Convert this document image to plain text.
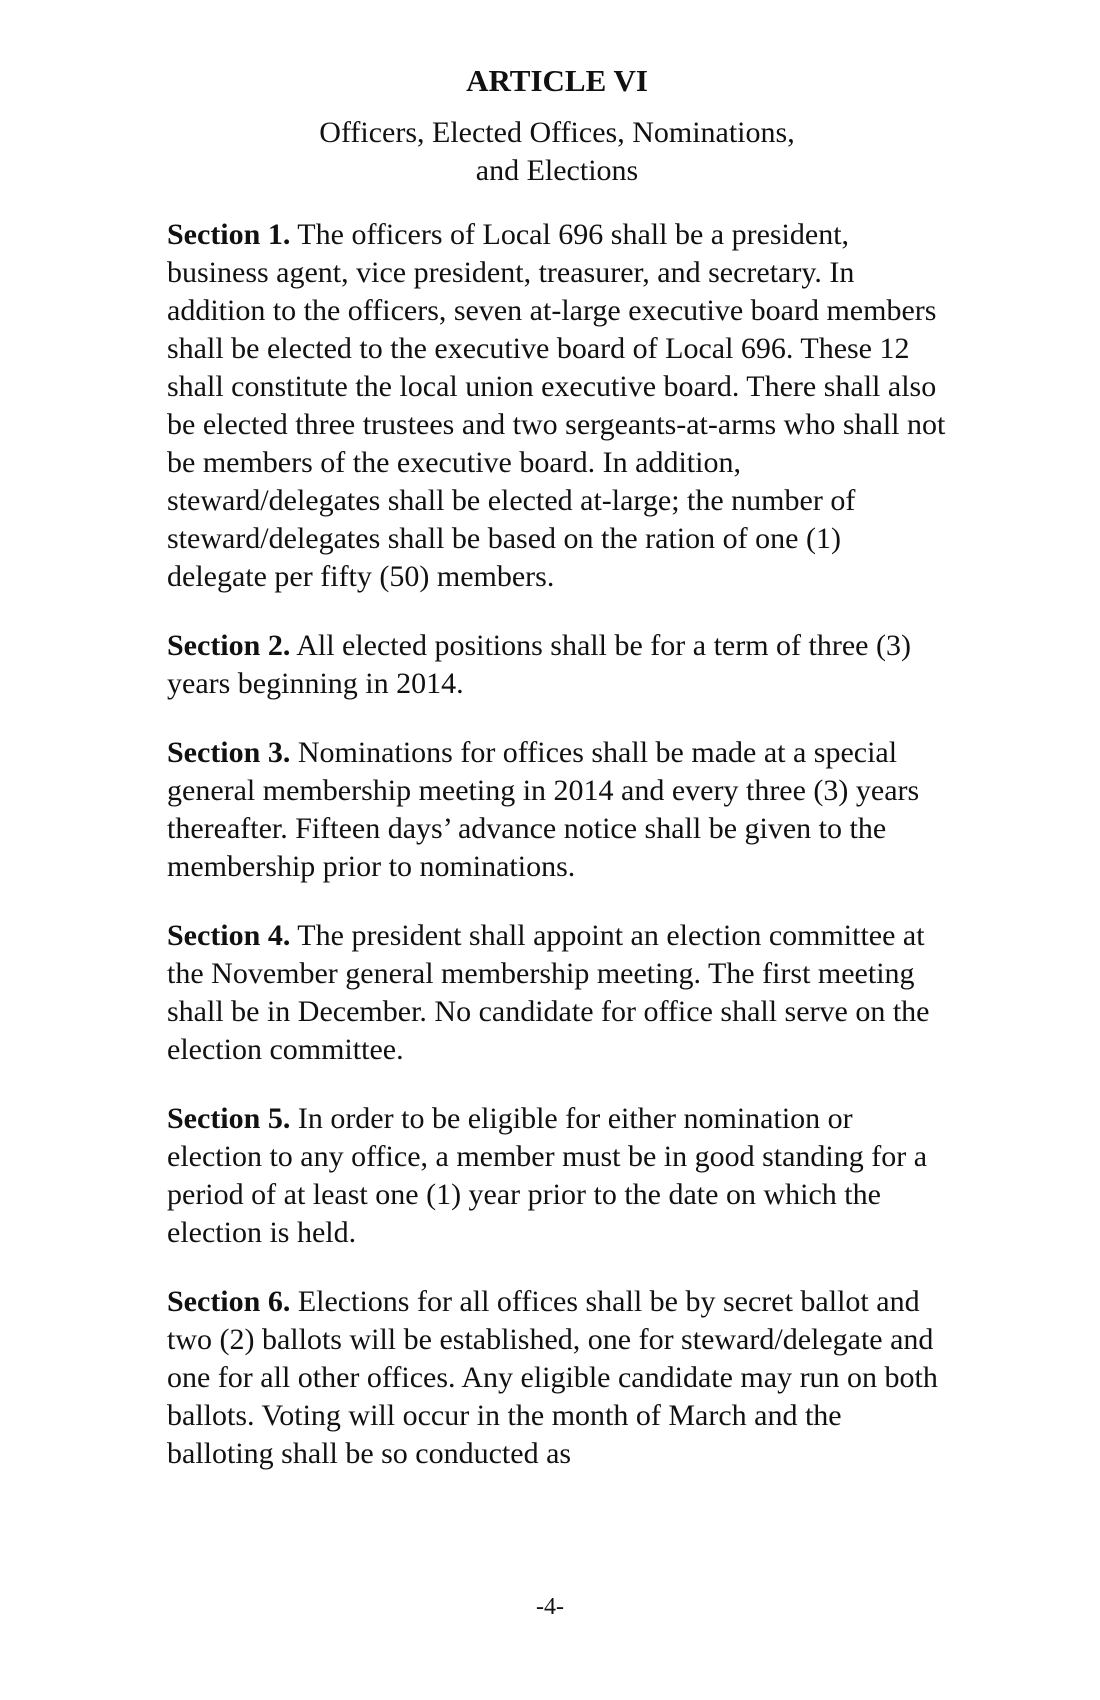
ARTICLE VI
Officers, Elected Offices, Nominations,
and Elections

Section 1. The officers of Local 696 shall be a president, business agent, vice president, treasurer, and secretary. In addition to the officers, seven at-large executive board members shall be elected to the executive board of Local 696. These 12 shall constitute the local union executive board. There shall also be elected three trustees and two sergeants-at-arms who shall not be members of the executive board. In addition, steward/delegates shall be elected at-large; the number of steward/delegates shall be based on the ration of one (1) delegate per fifty (50) members.

Section 2. All elected positions shall be for a term of three (3) years beginning in 2014.

Section 3. Nominations for offices shall be made at a special general membership meeting in 2014 and every three (3) years thereafter. Fifteen days’ advance notice shall be given to the membership prior to nominations.

Section 4. The president shall appoint an election committee at the November general membership meeting. The first meeting shall be in December. No candidate for office shall serve on the election committee.

Section 5. In order to be eligible for either nomination or election to any office, a member must be in good standing for a period of at least one (1) year prior to the date on which the election is held.

Section 6. Elections for all offices shall be by secret ballot and two (2) ballots will be established, one for steward/delegate and one for all other offices. Any eligible candidate may run on both ballots. Voting will occur in the month of March and the balloting shall be so conducted as

-4-
